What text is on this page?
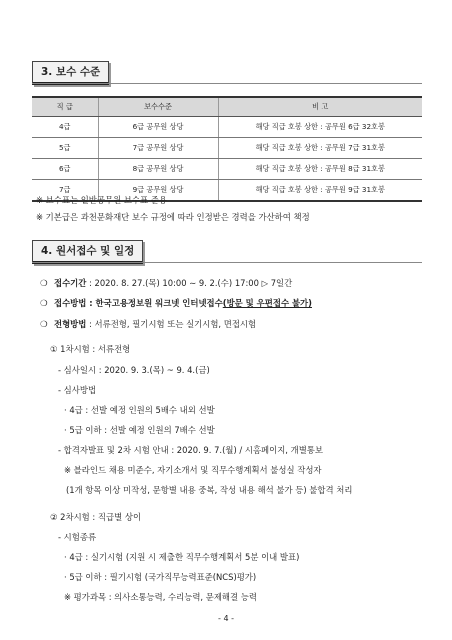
3. 보수 수준
직 급	보수수준	비 고
4급	6급 공무원 상당	해당 직급 호봉 상한 : 공무원 6급 32호봉
5급	7급 공무원 상당	해당 직급 호봉 상한 : 공무원 7급 31호봉
6급	8급 공무원 상당	해당 직급 호봉 상한 : 공무원 8급 31호봉
7급	9급 공무원 상당	해당 직급 호봉 상한 : 공무원 9급 31호봉
※ 보수표는 일반공무원 보수표 준용
※ 기본급은 과천문화재단 보수 규정에 따라 인정받은 경력을 가산하여 책정
4. 원서접수 및 일정
❍ 접수기간 : 2020. 8. 27.(목) 10:00 ∼ 9. 2.(수) 17:00 ▷ 7일간
❍ 접수방법 : 한국고용정보원 워크넷 인터넷접수(방문 및 우편접수 불가)
❍ 전형방법 : 서류전형, 필기시험 또는 실기시험, 면접시험
① 1차시험 : 서류전형
- 심사일시 : 2020. 9. 3.(목) ~ 9. 4.(금)
- 심사방법
· 4급 : 선발 예정 인원의 5배수 내외 선발
· 5급 이하 : 선발 예정 인원의 7배수 선발
- 합격자발표 및 2차 시험 안내 : 2020. 9. 7.(월) / 시홈페이지, 개별통보
※ 블라인드 채용 미준수, 자기소개서 및 직무수행계획서 불성실 작성자
(1개 항목 이상 미작성, 문항별 내용 중복, 작성 내용 해석 불가 등) 불합격 처리
② 2차시험 : 직급별 상이
- 시험종류
· 4급 : 실기시험 (지원 시 제출한 직무수행계획서 5분 이내 발표)
· 5급 이하 : 필기시험 (국가직무능력표준(NCS)평가)
※ 평가과목 : 의사소통능력, 수리능력, 문제해결 능력
- 4 -
